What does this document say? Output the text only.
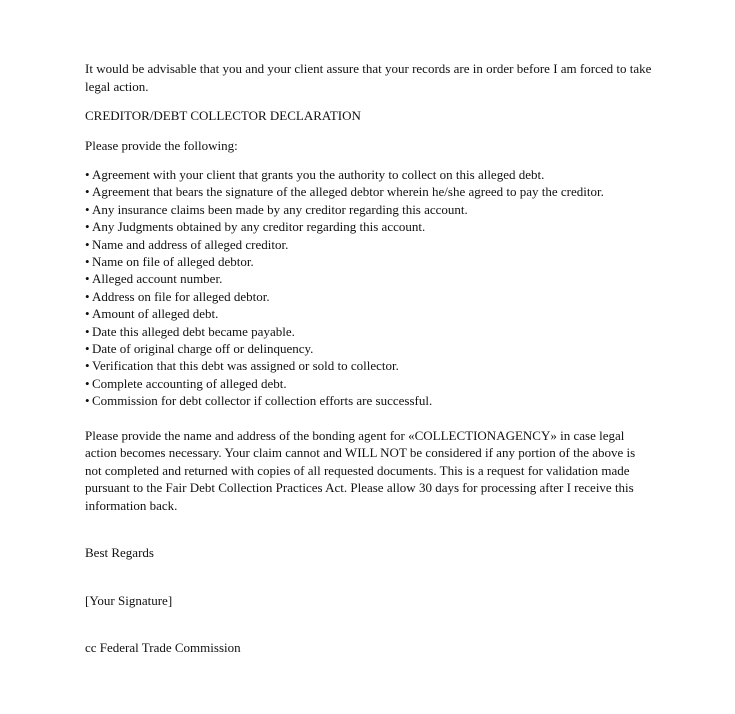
It would be advisable that you and your client assure that your records are in order before I am forced to take legal action.

CREDITOR/DEBT COLLECTOR DECLARATION

Please provide the following:

• Agreement with your client that grants you the authority to collect on this alleged debt.
• Agreement that bears the signature of the alleged debtor wherein he/she agreed to pay the creditor.
• Any insurance claims been made by any creditor regarding this account.
• Any Judgments obtained by any creditor regarding this account.
• Name and address of alleged creditor.
• Name on file of alleged debtor.
• Alleged account number.
• Address on file for alleged debtor.
• Amount of alleged debt.
• Date this alleged debt became payable.
• Date of original charge off or delinquency.
• Verification that this debt was assigned or sold to collector.
• Complete accounting of alleged debt.
• Commission for debt collector if collection efforts are successful.

Please provide the name and address of the bonding agent for «COLLECTIONAGENCY» in case legal action becomes necessary. Your claim cannot and WILL NOT be considered if any portion of the above is not completed and returned with copies of all requested documents. This is a request for validation made pursuant to the Fair Debt Collection Practices Act. Please allow 30 days for processing after I receive this information back.

Best Regards

[Your Signature]

cc Federal Trade Commission
